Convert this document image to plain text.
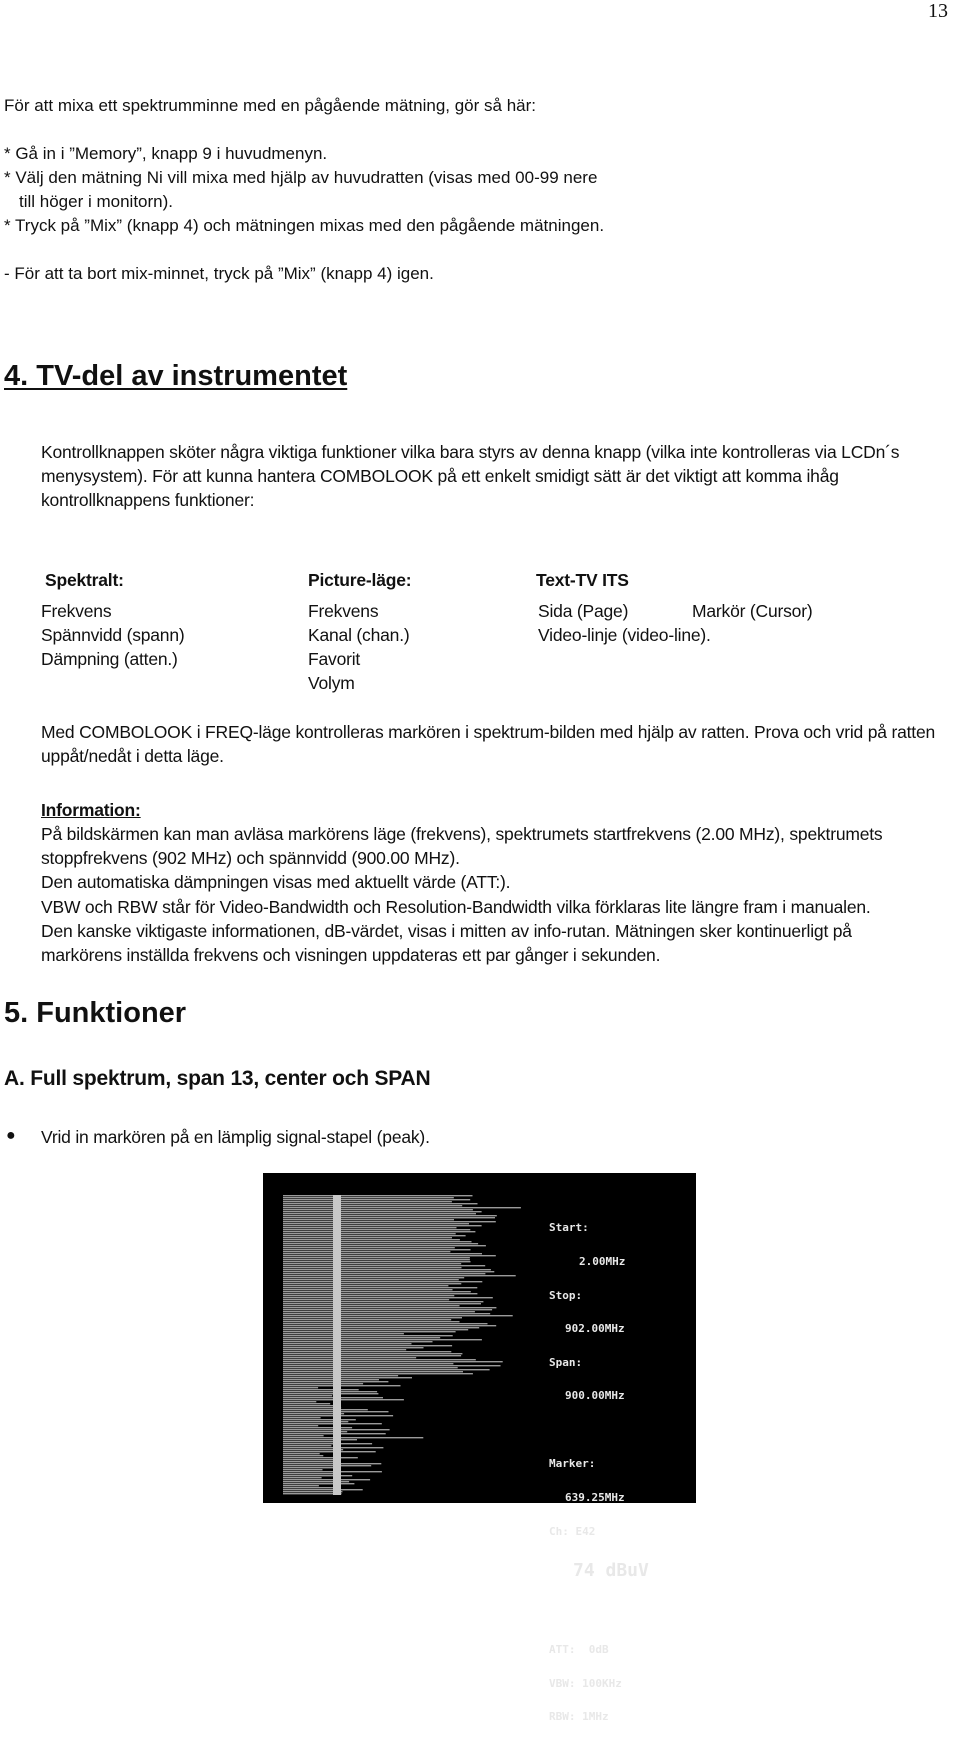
13
För att mixa ett spektrumminne med en pågående mätning, gör så här:
* Gå in i ”Memory”, knapp 9 i huvudmenyn.
* Välj den mätning Ni vill mixa med hjälp av huvudratten (visas med 00-99 nere
till höger i monitorn).
* Tryck på ”Mix” (knapp 4) och mätningen mixas med den pågående mätningen.
- För att ta bort mix-minnet, tryck på ”Mix” (knapp 4) igen.
4. TV-del av instrumentet
Kontrollknappen sköter några viktiga funktioner vilka bara styrs av denna knapp (vilka inte kontrolleras via LCDn´s
menysystem). För att kunna hantera COMBOLOOK på ett enkelt smidigt sätt är det viktigt att komma ihåg
kontrollknappens funktioner:
Spektralt:	Picture-läge:	Text-TV ITS
Frekvens
Spännvidd (spann)
Dämpning (atten.)
Frekvens
Kanal (chan.)
Favorit
Volym
Sida (Page)
Video-linje (video-line).
Markör (Cursor)
Med COMBOLOOK i FREQ-läge kontrolleras markören i spektrum-bilden med hjälp av ratten. Prova och vrid på ratten
uppåt/nedåt i detta läge.
Information:
På bildskärmen kan man avläsa markörens läge (frekvens), spektrumets startfrekvens (2.00 MHz), spektrumets
stoppfrekvens (902 MHz) och spännvidd (900.00 MHz).
Den automatiska dämpningen visas med aktuellt värde (ATT:).
VBW och RBW står för Video-Bandwidth och Resolution-Bandwidth vilka förklaras lite längre fram i manualen.
Den kanske viktigaste informationen, dB-värdet, visas i mitten av info-rutan. Mätningen sker kontinuerligt på
markörens inställda frekvens och visningen uppdateras ett par gånger i sekunden.
5. Funktioner
A. Full spektrum, span 13, center och SPAN
● Vrid in markören på en lämplig signal-stapel (peak).

Start:

2.00MHz

Stop:

902.00MHz

Span:

900.00MHz

Marker:

639.25MHz

Ch: E42

74 dBuV

ATT:  0dB

VBW: 100KHz

RBW: 1MHz
